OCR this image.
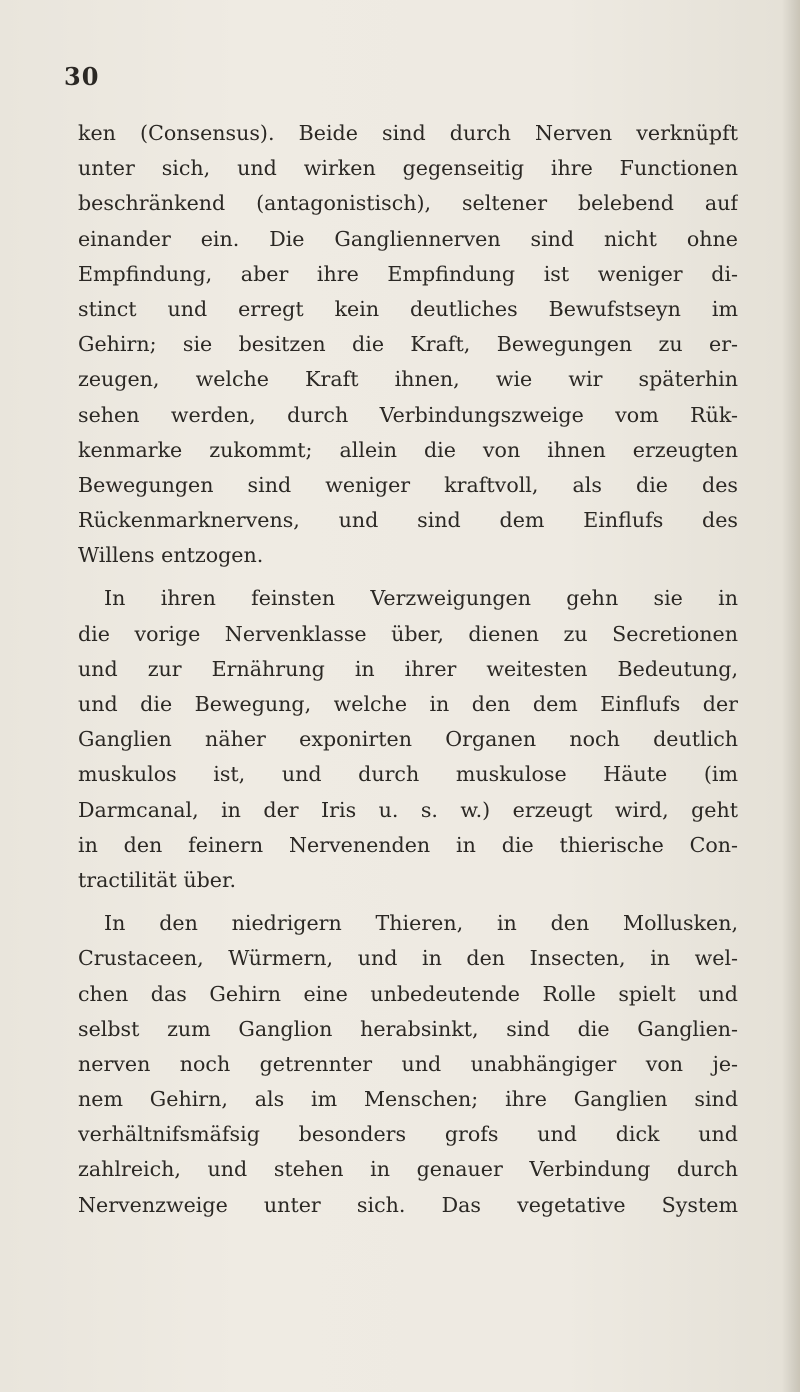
30
ken (Consensus). Beide sind durch Nerven verknüpft
unter sich, und wirken gegenseitig ihre Functionen
beschränkend (antagonistisch), seltener belebend auf
einander ein. Die Gangliennerven sind nicht ohne
Empfindung, aber ihre Empfindung ist weniger di-
stinct und erregt kein deutliches Bewufstseyn im
Gehirn; sie besitzen die Kraft, Bewegungen zu er-
zeugen, welche Kraft ihnen, wie wir späterhin
sehen werden, durch Verbindungszweige vom Rük-
kenmarke zukommt; allein die von ihnen erzeugten
Bewegungen sind weniger kraftvoll, als die des
Rückenmarknervens, und sind dem Einflufs des
Willens entzogen.
In ihren feinsten Verzweigungen gehn sie in
die vorige Nervenklasse über, dienen zu Secretionen
und zur Ernährung in ihrer weitesten Bedeutung,
und die Bewegung, welche in den dem Einflufs der
Ganglien näher exponirten Organen noch deutlich
muskulos ist, und durch muskulose Häute (im
Darmcanal, in der Iris u. s. w.) erzeugt wird, geht
in den feinern Nervenenden in die thierische Con-
tractilität über.
In den niedrigern Thieren, in den Mollusken,
Crustaceen, Würmern, und in den Insecten, in wel-
chen das Gehirn eine unbedeutende Rolle spielt und
selbst zum Ganglion herabsinkt, sind die Ganglien-
nerven noch getrennter und unabhängiger von je-
nem Gehirn, als im Menschen; ihre Ganglien sind
verhältnifsmäfsig besonders grofs und dick und
zahlreich, und stehen in genauer Verbindung durch
Nervenzweige unter sich. Das vegetative System
